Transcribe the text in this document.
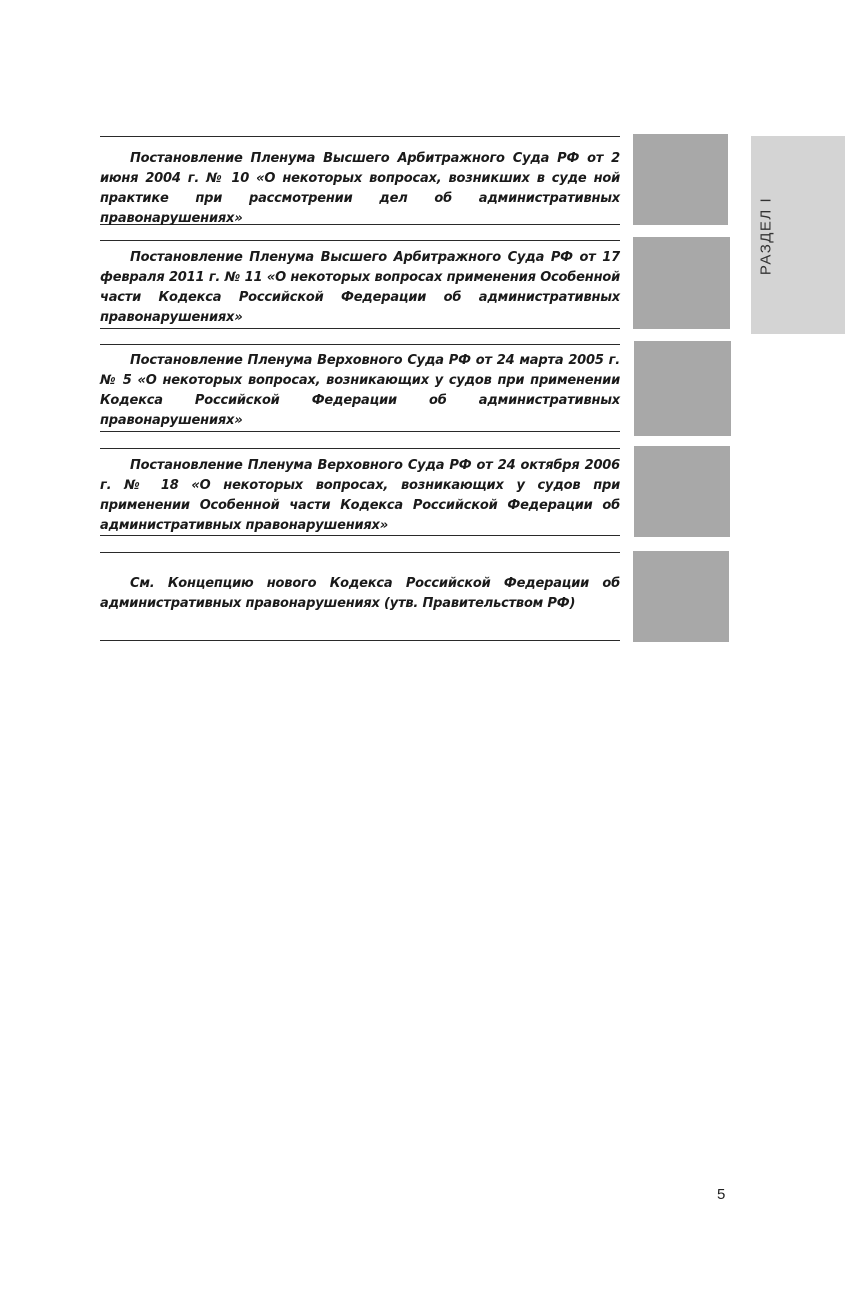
РАЗДЕЛ I

Постановление Пленума Высшего Арбитражного Суда РФ от 2 июня 2004 г. № 10 «О некоторых вопросах, возникших в суде ной практике при рассмотрении дел об административных правонарушениях»

Постановление Пленума Высшего Арбитражного Суда РФ от 17 февраля 2011 г. № 11 «О некоторых вопросах применения Особенной части Кодекса Российской Федерации об административных правонарушениях»

Постановление Пленума Верховного Суда РФ от 24 марта 2005 г. № 5 «О некоторых вопросах, возникающих у судов при применении Кодекса Российской Федерации об административных правонарушениях»

Постановление Пленума Верховного Суда РФ от 24 октября 2006 г. № 18 «О некоторых вопросах, возникающих у судов при применении Особенной части Кодекса Российской Федерации об административных правонарушениях»

См. Концепцию нового Кодекса Российской Федерации об административных правонарушениях (утв. Правительством РФ)

5
